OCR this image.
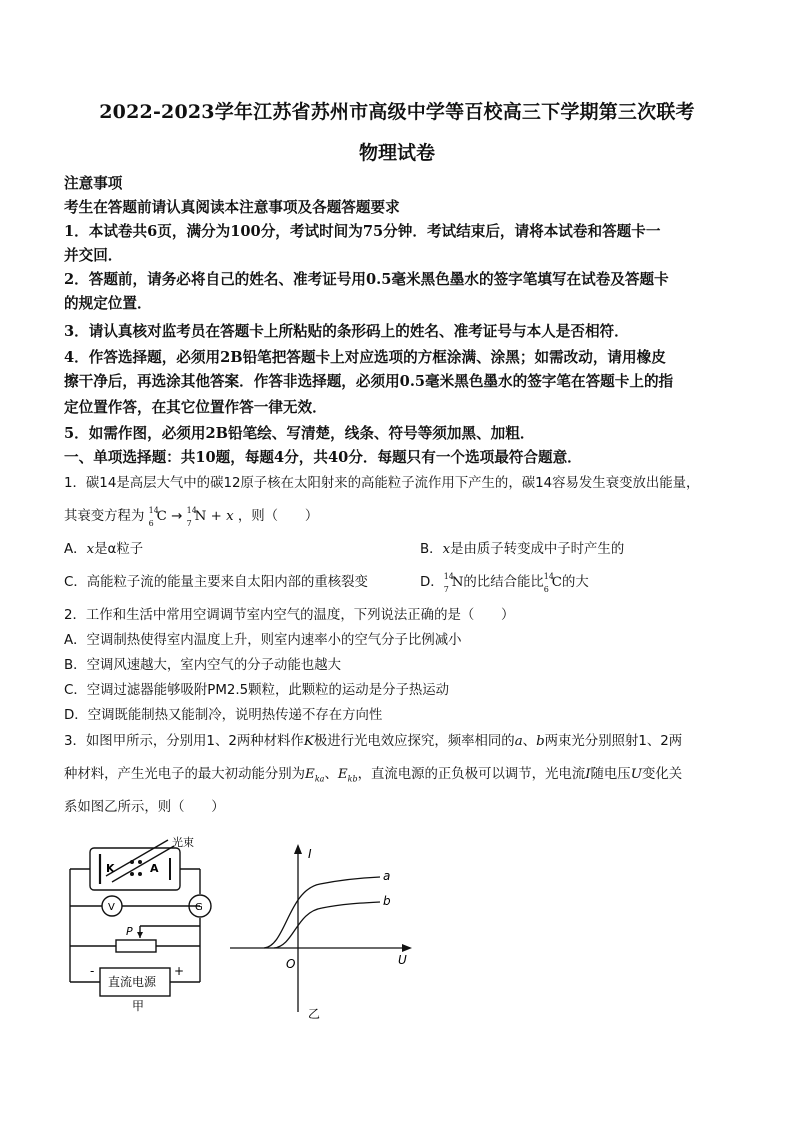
2022-2023学年江苏省苏州市高级中学等百校高三下学期第三次联考
物理试卷
注意事项
考生在答题前请认真阅读本注意事项及各题答题要求
1．本试卷共6页，满分为100分，考试时间为75分钟．考试结束后，请将本试卷和答题卡一
并交回．
2．答题前，请务必将自己的姓名、准考证号用0.5毫米黑色墨水的签字笔填写在试卷及答题卡
的规定位置．
3．请认真核对监考员在答题卡上所粘贴的条形码上的姓名、准考证号与本人是否相符．
4．作答选择题，必须用2B铅笔把答题卡上对应选项的方框涂满、涂黑；如需改动，请用橡皮
擦干净后，再选涂其他答案．作答非选择题，必须用0.5毫米黑色墨水的签字笔在答题卡上的指
定位置作答，在其它位置作答一律无效．
5．如需作图，必须用2B铅笔绘、写清楚，线条、符号等须加黑、加粗．
一、单项选择题：共10题，每题4分，共40分．每题只有一个选项最符合题意．
1．碳14是高层大气中的碳12原子核在太阳射来的高能粒子流作用下产生的，碳14容易发生衰变放出能量，
其衰变方程为 14
6 C → 14
7 N + x ，则（　　）
A．x是α粒子	B．x是由质子转变成中子时产生的
C．高能粒子流的能量主要来自太阳内部的重核裂变	D． 14
7 N的比结合能比 14
6 C的大
2．工作和生活中常用空调调节室内空气的温度，下列说法正确的是（　　）
A．空调制热使得室内温度上升，则室内速率小的空气分子比例减小
B．空调风速越大，室内空气的分子动能也越大
C．空调过滤器能够吸附PM2.5颗粒，此颗粒的运动是分子热运动
D．空调既能制热又能制冷，说明热传递不存在方向性
3．如图甲所示，分别用1、2两种材料作K极进行光电效应探究，频率相同的a、b两束光分别照射1、2两
种材料，产生光电子的最大初动能分别为$E_{ka}$、$E_{kb}$，直流电源的正负极可以调节，光电流I随电压U变化关
系如图乙所示，则（　　）
光束
K	A
V	G
P
-	+
直流电源
甲
I
U
O
a
b
乙
